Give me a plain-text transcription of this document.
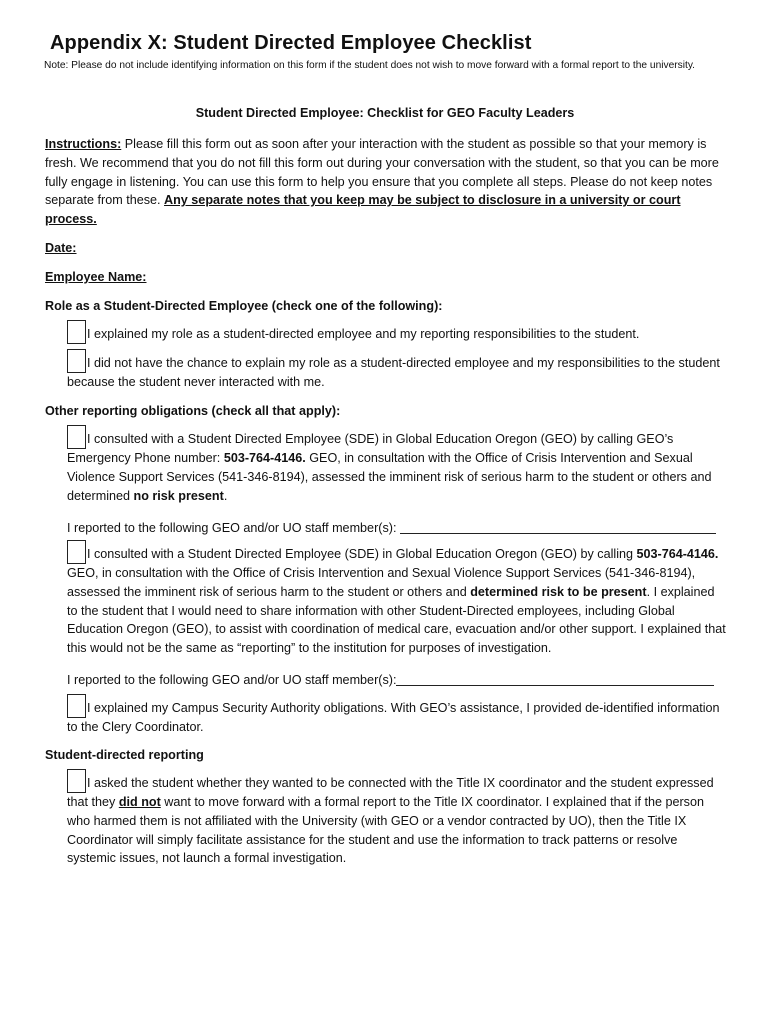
Appendix X: Student Directed Employee Checklist
Note: Please do not include identifying information on this form if the student does not wish to move forward with a formal report to the university.
Student Directed Employee: Checklist for GEO Faculty Leaders
Instructions: Please fill this form out as soon after your interaction with the student as possible so that your memory is fresh. We recommend that you do not fill this form out during your conversation with the student, so that you can be more fully engage in listening. You can use this form to help you ensure that you complete all steps. Please do not keep notes separate from these. Any separate notes that you keep may be subject to disclosure in a university or court process.
Date:
Employee Name:
Role as a Student-Directed Employee (check one of the following):
I explained my role as a student-directed employee and my reporting responsibilities to the student.
I did not have the chance to explain my role as a student-directed employee and my responsibilities to the student because the student never interacted with me.
Other reporting obligations (check all that apply):
I consulted with a Student Directed Employee (SDE) in Global Education Oregon (GEO) by calling GEO’s Emergency Phone number: 503-764-4146. GEO, in consultation with the Office of Crisis Intervention and Sexual Violence Support Services (541-346-8194), assessed the imminent risk of serious harm to the student or others and determined no risk present.
I reported to the following GEO and/or UO staff member(s):
I consulted with a Student Directed Employee (SDE) in Global Education Oregon (GEO) by calling 503-764-4146. GEO, in consultation with the Office of Crisis Intervention and Sexual Violence Support Services (541-346-8194), assessed the imminent risk of serious harm to the student or others and determined risk to be present. I explained to the student that I would need to share information with other Student-Directed employees, including Global Education Oregon (GEO), to assist with coordination of medical care, evacuation and/or other support. I explained that this would not be the same as “reporting” to the institution for purposes of investigation.
I reported to the following GEO and/or UO staff member(s):
I explained my Campus Security Authority obligations. With GEO’s assistance, I provided de-identified information to the Clery Coordinator.
Student-directed reporting
I asked the student whether they wanted to be connected with the Title IX coordinator and the student expressed that they did not want to move forward with a formal report to the Title IX coordinator. I explained that if the person who harmed them is not affiliated with the University (with GEO or a vendor contracted by UO), then the Title IX Coordinator will simply facilitate assistance for the student and use the information to track patterns or resolve systemic issues, not launch a formal investigation.
